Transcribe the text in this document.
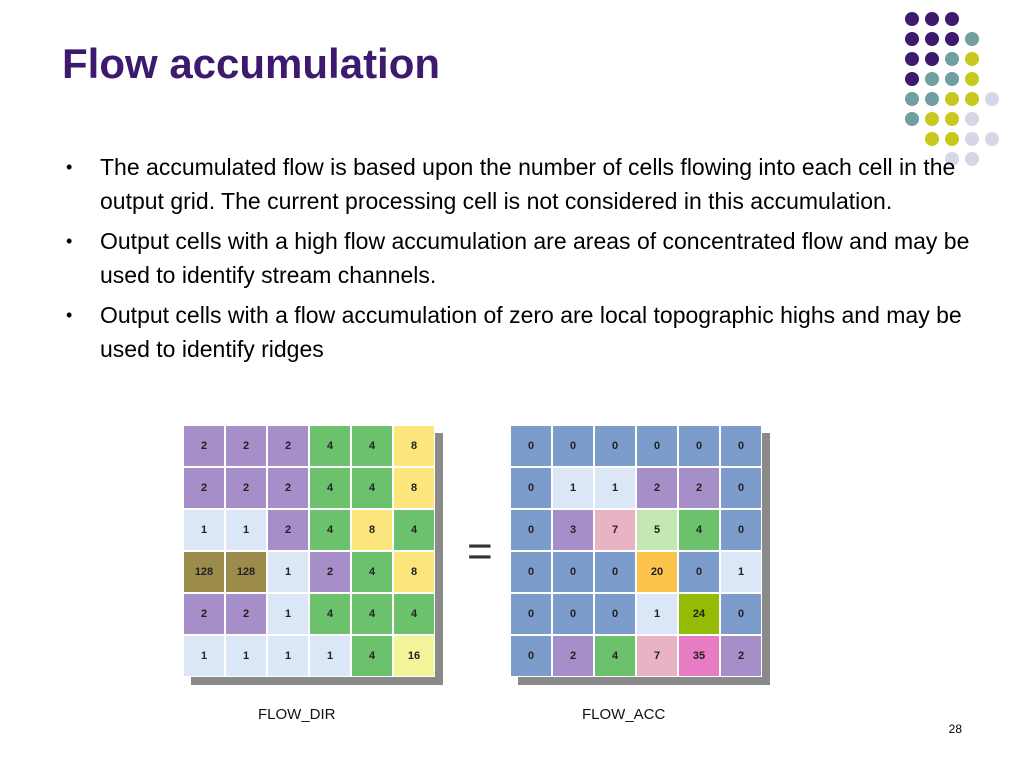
Flow accumulation
• The accumulated flow is based upon the number of cells flowing into each cell in the output grid. The current processing cell is not considered in this accumulation.
• Output cells with a high flow accumulation are areas of concentrated flow and may be used to identify stream channels.
• Output cells with a flow accumulation of zero are local topographic highs and may be used to identify ridges
2	2	2	4	4	8
2	2	2	4	4	8
1	1	2	4	8	4
128	128	1	2	4	8
2	2	1	4	4	4
1	1	1	1	4	16
FLOW_DIR
=
0	0	0	0	0	0
0	1	1	2	2	0
0	3	7	5	4	0
0	0	0	20	0	1
0	0	0	1	24	0
0	2	4	7	35	2
FLOW_ACC
28
